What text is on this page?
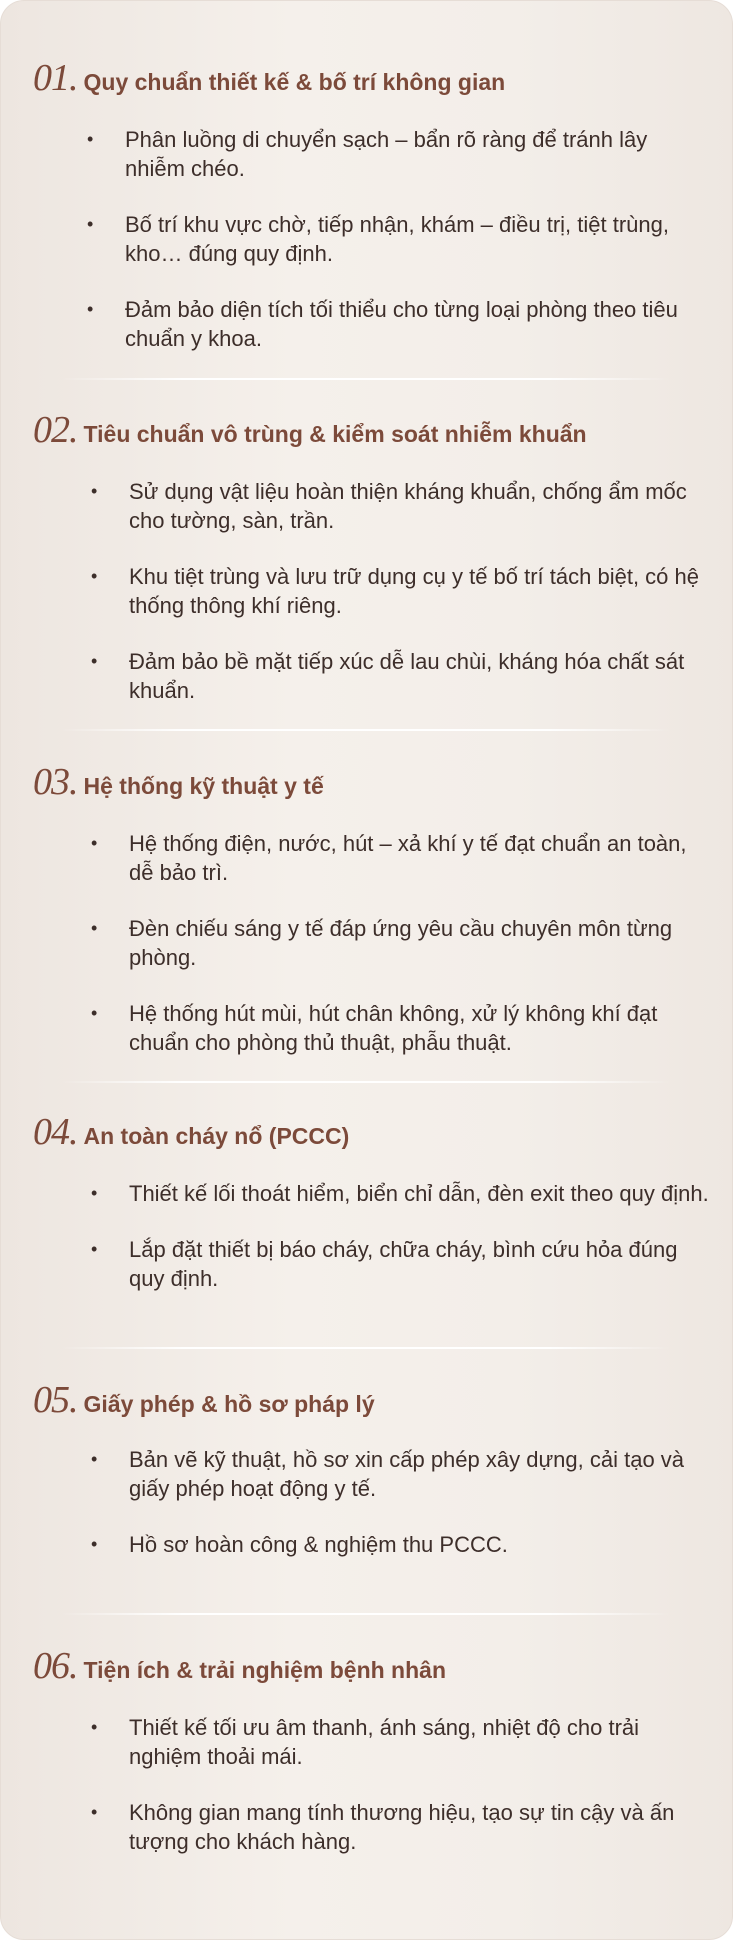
01. Quy chuẩn thiết kế & bố trí không gian
• Phân luồng di chuyển sạch – bẩn rõ ràng để tránh lây nhiễm chéo.
• Bố trí khu vực chờ, tiếp nhận, khám – điều trị, tiệt trùng, kho… đúng quy định.
• Đảm bảo diện tích tối thiểu cho từng loại phòng theo tiêu chuẩn y khoa.
02. Tiêu chuẩn vô trùng & kiểm soát nhiễm khuẩn
• Sử dụng vật liệu hoàn thiện kháng khuẩn, chống ẩm mốc cho tường, sàn, trần.
• Khu tiệt trùng và lưu trữ dụng cụ y tế bố trí tách biệt, có hệ thống thông khí riêng.
• Đảm bảo bề mặt tiếp xúc dễ lau chùi, kháng hóa chất sát khuẩn.
03. Hệ thống kỹ thuật y tế
• Hệ thống điện, nước, hút – xả khí y tế đạt chuẩn an toàn, dễ bảo trì.
• Đèn chiếu sáng y tế đáp ứng yêu cầu chuyên môn từng phòng.
• Hệ thống hút mùi, hút chân không, xử lý không khí đạt chuẩn cho phòng thủ thuật, phẫu thuật.
04. An toàn cháy nổ (PCCC)
• Thiết kế lối thoát hiểm, biển chỉ dẫn, đèn exit theo quy định.
• Lắp đặt thiết bị báo cháy, chữa cháy, bình cứu hỏa đúng quy định.
05. Giấy phép & hồ sơ pháp lý
• Bản vẽ kỹ thuật, hồ sơ xin cấp phép xây dựng, cải tạo và giấy phép hoạt động y tế.
• Hồ sơ hoàn công & nghiệm thu PCCC.
06. Tiện ích & trải nghiệm bệnh nhân
• Thiết kế tối ưu âm thanh, ánh sáng, nhiệt độ cho trải nghiệm thoải mái.
• Không gian mang tính thương hiệu, tạo sự tin cậy và ấn tượng cho khách hàng.
